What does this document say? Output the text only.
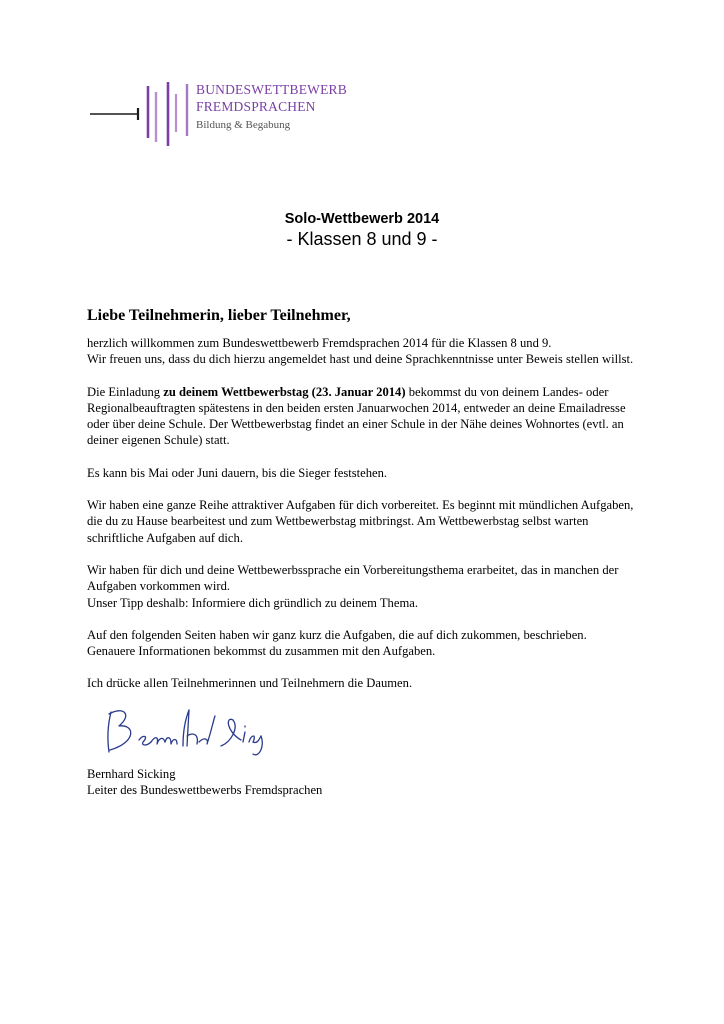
BUNDESWETTBEWERB
FREMDSPRACHEN
Bildung & Begabung
Solo-Wettbewerb 2014
- Klassen 8 und 9 -
Liebe Teilnehmerin, lieber Teilnehmer,
herzlich willkommen zum Bundeswettbewerb Fremdsprachen 2014 für die Klassen 8 und 9.
Wir freuen uns, dass du dich hierzu angemeldet hast und deine Sprachkenntnisse unter Beweis stellen willst.
Die Einladung zu deinem Wettbewerbstag (23. Januar 2014) bekommst du von deinem Landes- oder Regionalbeauftragten spätestens in den beiden ersten Januarwochen 2014, entweder an deine Emailadresse oder über deine Schule. Der Wettbewerbstag findet an einer Schule in der Nähe deines Wohnortes (evtl. an deiner eigenen Schule) statt.
Es kann bis Mai oder Juni dauern, bis die Sieger feststehen.
Wir haben eine ganze Reihe attraktiver Aufgaben für dich vorbereitet. Es beginnt mit mündlichen Aufgaben, die du zu Hause bearbeitest und zum Wettbewerbstag mitbringst. Am Wettbewerbstag selbst warten schriftliche Aufgaben auf dich.
Wir haben für dich und deine Wettbewerbssprache ein Vorbereitungsthema erarbeitet, das in manchen der Aufgaben vorkommen wird.
Unser Tipp deshalb: Informiere dich gründlich zu deinem Thema.
Auf den folgenden Seiten haben wir ganz kurz die Aufgaben, die auf dich zukommen, beschrieben.
Genauere Informationen bekommst du zusammen mit den Aufgaben.
Ich drücke allen Teilnehmerinnen und Teilnehmern die Daumen.
Bernhard Sicking
Leiter des Bundeswettbewerbs Fremdsprachen
